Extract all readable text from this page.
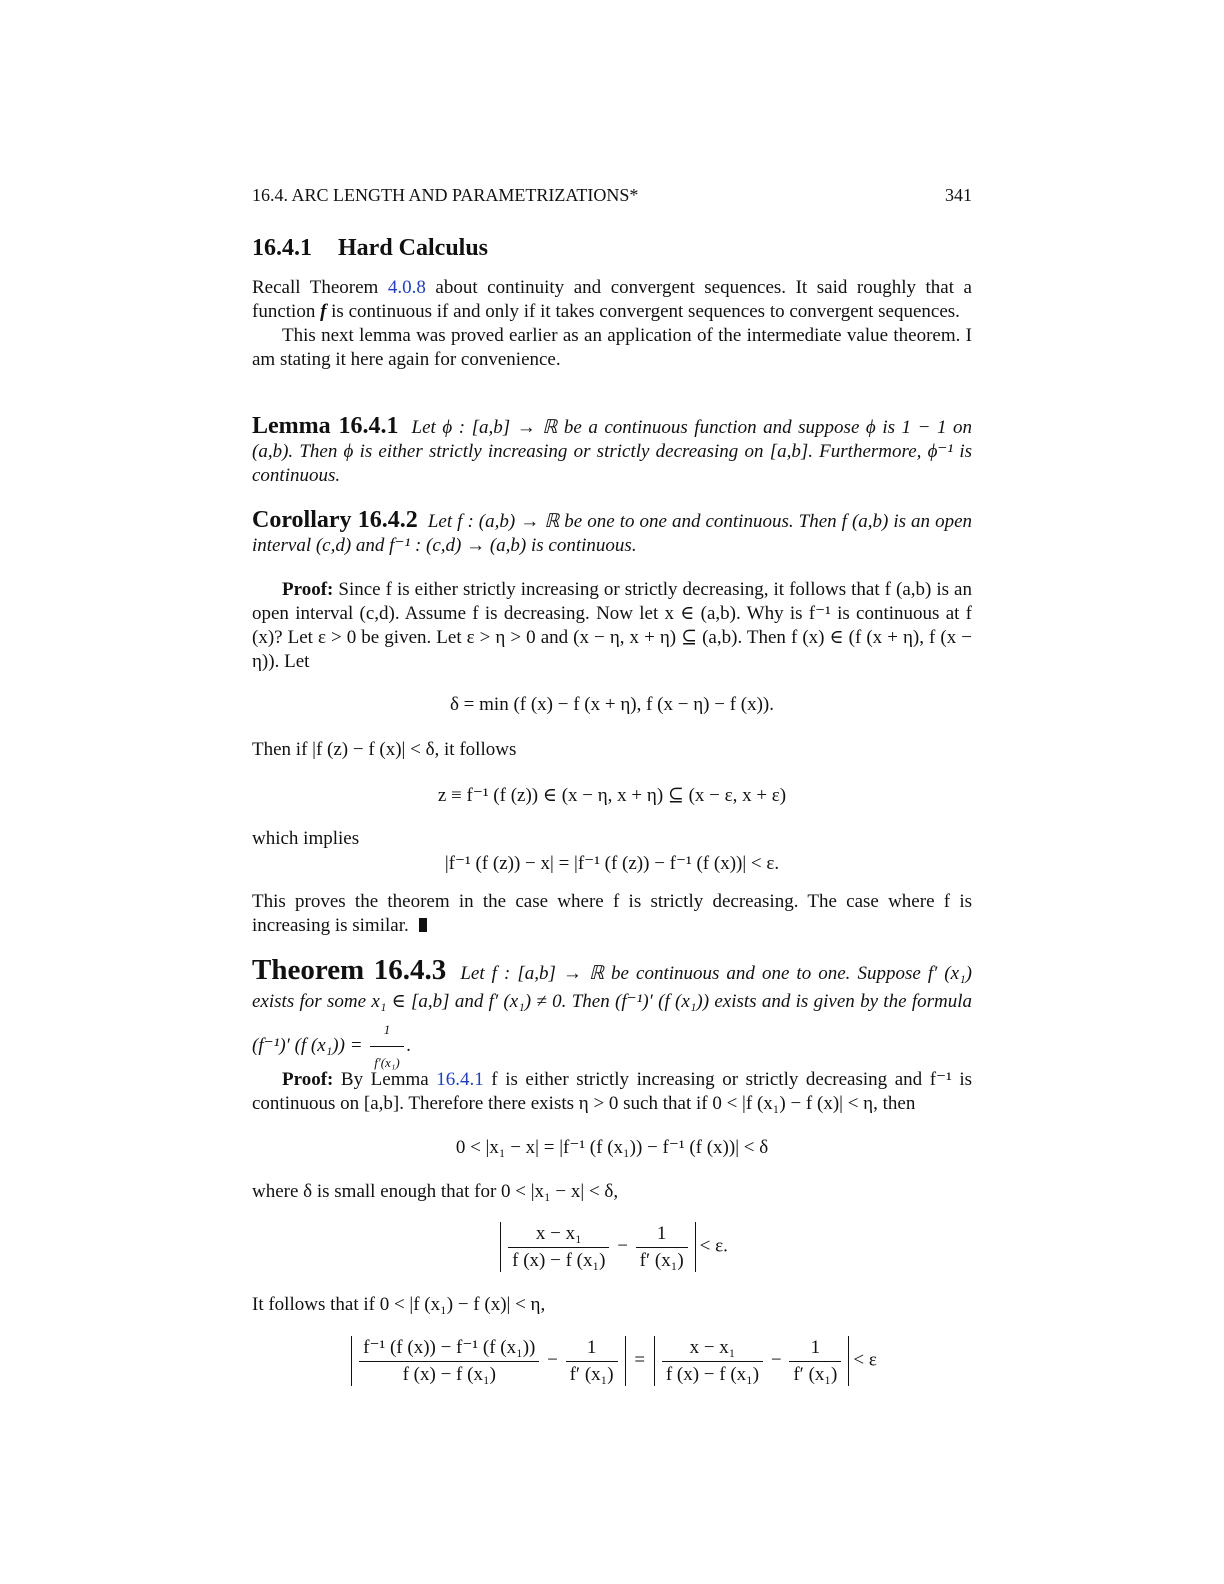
16.4. ARC LENGTH AND PARAMETRIZATIONS*	341
16.4.1 Hard Calculus

Recall Theorem 4.0.8 about continuity and convergent sequences. It said roughly that a function f is continuous if and only if it takes convergent sequences to convergent sequences.

This next lemma was proved earlier as an application of the intermediate value theorem. I am stating it here again for convenience.

Lemma 16.4.1 Let ϕ : [a,b] → ℝ be a continuous function and suppose ϕ is 1 − 1 on (a,b). Then ϕ is either strictly increasing or strictly decreasing on [a,b]. Furthermore, ϕ⁻¹ is continuous.

Corollary 16.4.2 Let f : (a,b) → ℝ be one to one and continuous. Then f (a,b) is an open interval (c,d) and f⁻¹ : (c,d) → (a,b) is continuous.

Proof: Since f is either strictly increasing or strictly decreasing, it follows that f (a,b) is an open interval (c,d). Assume f is decreasing. Now let x ∈ (a,b). Why is f⁻¹ is continuous at f (x)? Let ε > 0 be given. Let ε > η > 0 and (x − η, x + η) ⊆ (a,b). Then f (x) ∈ (f (x + η), f (x − η)). Let

δ = min (f (x) − f (x + η), f (x − η) − f (x)).

Then if |f (z) − f (x)| < δ, it follows

z ≡ f⁻¹ (f (z)) ∈ (x − η, x + η) ⊆ (x − ε, x + ε)

which implies

|f⁻¹ (f (z)) − x| = |f⁻¹ (f (z)) − f⁻¹ (f (x))| < ε.

This proves the theorem in the case where f is strictly decreasing. The case where f is increasing is similar.

Theorem 16.4.3 Let f : [a,b] → ℝ be continuous and one to one. Suppose f′ (x₁) exists for some x₁ ∈ [a,b] and f′ (x₁) ≠ 0. Then (f⁻¹)′ (f (x₁)) exists and is given by the formula (f⁻¹)′ (f $(x_1)) = \frac{1}{\text{f′(x₁)}}$ .

Proof: By Lemma 16.4.1 f is either strictly increasing or strictly decreasing and f⁻¹ is continuous on [a,b]. Therefore there exists η > 0 such that if 0 < |f (x₁) − f (x)| < η, then

0 < |x₁ − x| = |f⁻¹ (f (x₁)) − f⁻¹ (f (x))| < δ

where δ is small enough that for 0 < |x₁ − x| < δ,

$\frac{\text{x − x₁}}{\text{f (x) − f (x₁)}} - \frac{1}{\text{f′ (x₁)}} < \varepsilon$.

It follows that if 0 < |f (x₁) − f (x)| < η,

$\frac{\text{f⁻¹ (f (x)) − f⁻¹ (f (x₁))}}{\text{f (x) − f (x₁)}} - \frac{1}{\text{f′ (x₁)}} = \frac{\text{x − x₁}}{\text{f (x) − f (x₁)}} - \frac{1}{\text{f′ (x₁)}} < \varepsilon$
